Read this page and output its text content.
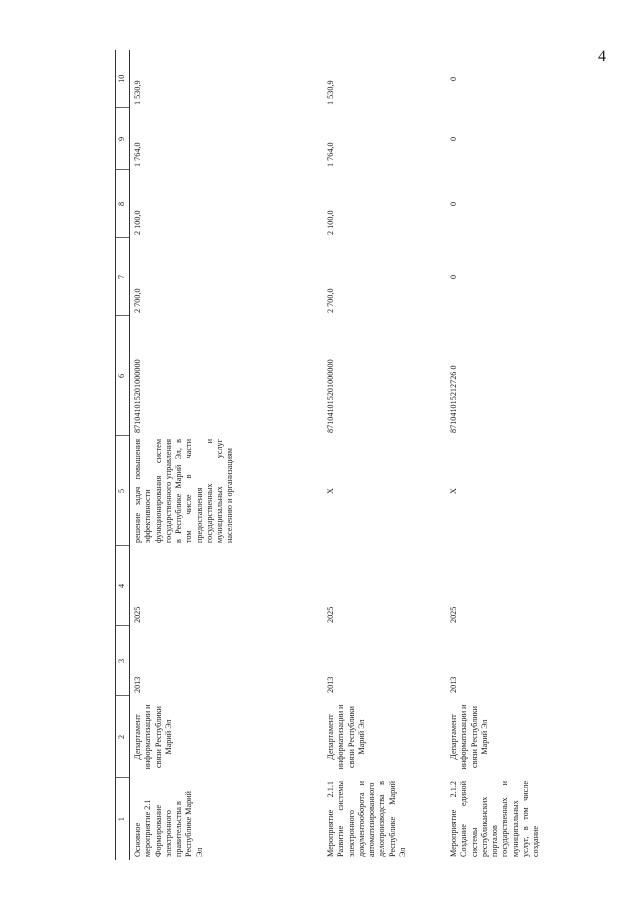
4
1	2	3	4	5	6	7	8	9	10
Основное мероприятие 2.1 Формирование электронного правительства в Республике Марий Эл	Департамент информатизации и связи Республики Марий Эл	2013	2025	решение задач повышения эффективности функционирования систем государственного управления в Республике Марий Эл, в том числе в части предоставления государственных и муниципальных услуг населению и организациям	871041015201000000	2 700,0	2 100,0	1 764,0	1 530,9
Мероприятие 2.1.1 Развитие системы электронного документооборота и автоматизированного делопроизводства в Республике Марий Эл	Департамент информатизации и связи Республики Марий Эл	2013	2025	X	871041015201000000	2 700,0	2 100,0	1 764,0	1 530,9
Мероприятие 2.1.2 Создание единой системы республиканских порталов государственных и муниципальных услуг, в том числе создание	Департамент информатизации и связи Республики Марий Эл	2013	2025	X	871041015212726 0	0	0	0	0
